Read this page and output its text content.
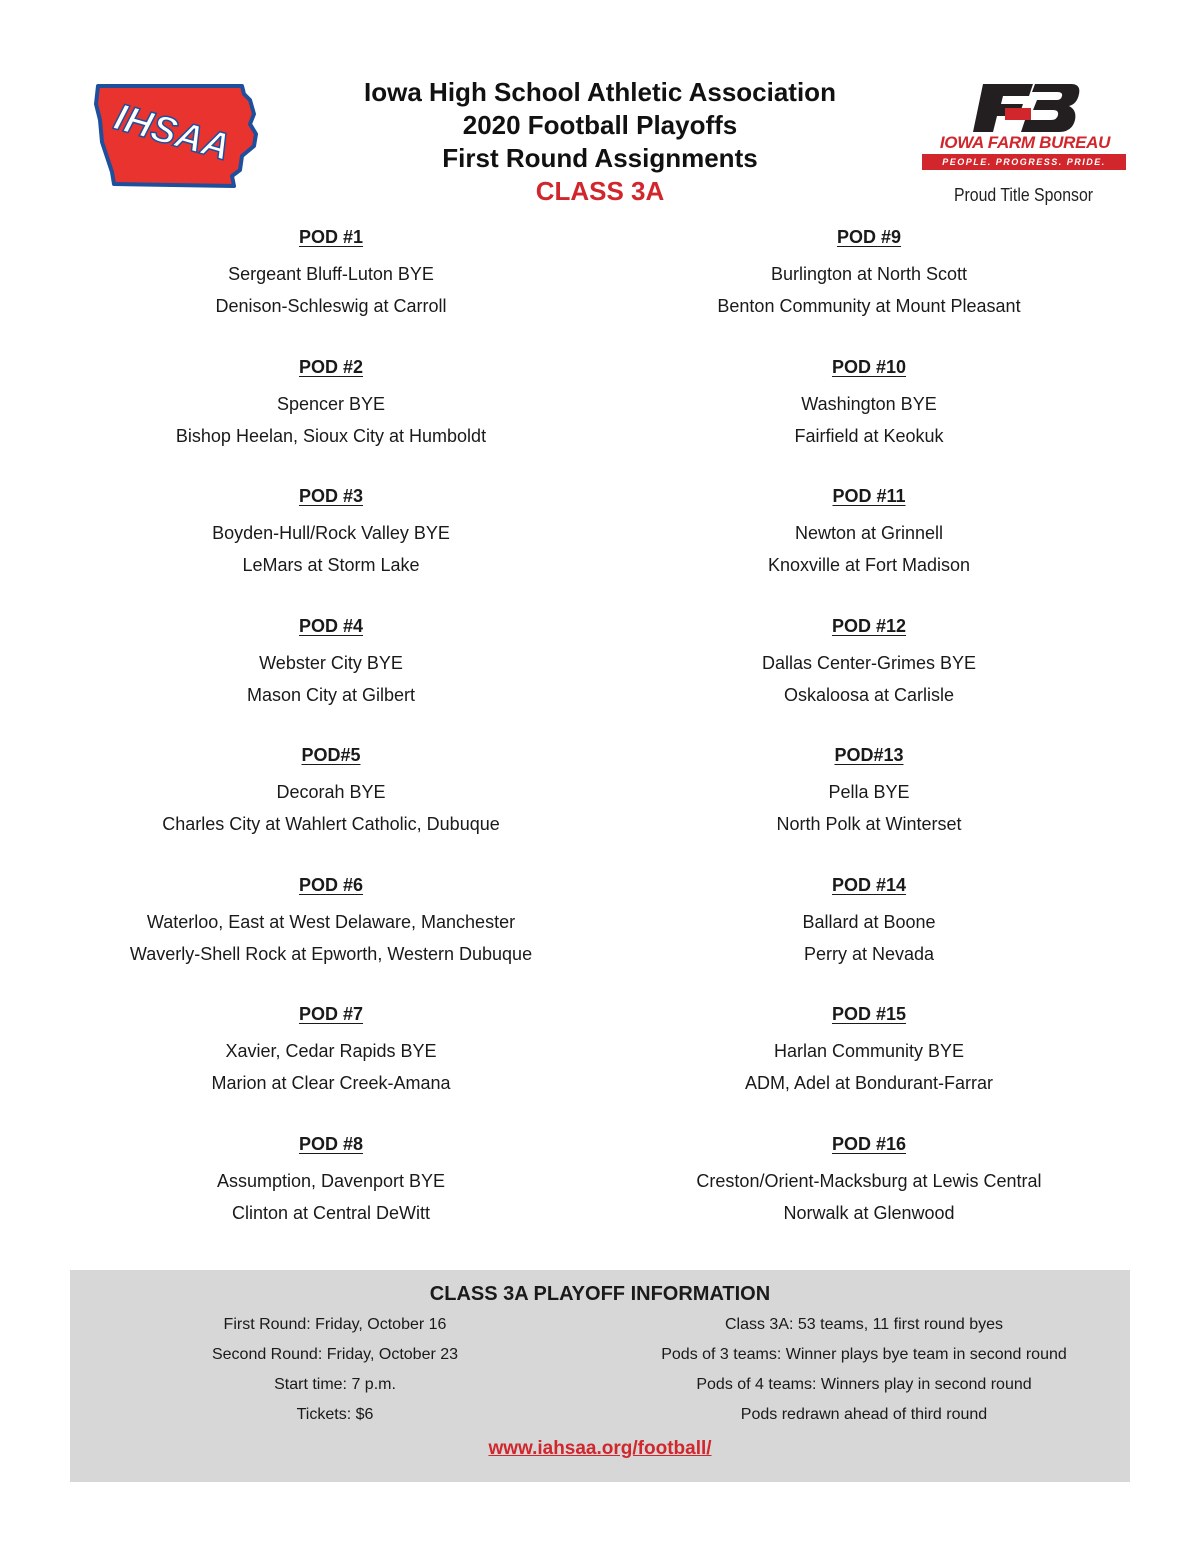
IHSAA
Iowa High School Athletic Association
2020 Football Playoffs
First Round Assignments
CLASS 3A
IOWA FARM BUREAU
PEOPLE. PROGRESS. PRIDE.
Proud Title Sponsor
POD #1
Sergeant Bluff-Luton BYE
Denison-Schleswig at Carroll
POD #2
Spencer BYE
Bishop Heelan, Sioux City at Humboldt
POD #3
Boyden-Hull/Rock Valley BYE
LeMars at Storm Lake
POD #4
Webster City BYE
Mason City at Gilbert
POD#5
Decorah BYE
Charles City at Wahlert Catholic, Dubuque
POD #6
Waterloo, East at West Delaware, Manchester
Waverly-Shell Rock at Epworth, Western Dubuque
POD #7
Xavier, Cedar Rapids BYE
Marion at Clear Creek-Amana
POD #8
Assumption, Davenport BYE
Clinton at Central DeWitt
POD #9
Burlington at North Scott
Benton Community at Mount Pleasant
POD #10
Washington BYE
Fairfield at Keokuk
POD #11
Newton at Grinnell
Knoxville at Fort Madison
POD #12
Dallas Center-Grimes BYE
Oskaloosa at Carlisle
POD#13
Pella BYE
North Polk at Winterset
POD #14
Ballard at Boone
Perry at Nevada
POD #15
Harlan Community BYE
ADM, Adel at Bondurant-Farrar
POD #16
Creston/Orient-Macksburg at Lewis Central
Norwalk at Glenwood
CLASS 3A PLAYOFF INFORMATION
First Round: Friday, October 16
Second Round: Friday, October 23
Start time: 7 p.m.
Tickets: $6
Class 3A: 53 teams, 11 first round byes
Pods of 3 teams: Winner plays bye team in second round
Pods of 4 teams: Winners play in second round
Pods redrawn ahead of third round
www.iahsaa.org/football/
